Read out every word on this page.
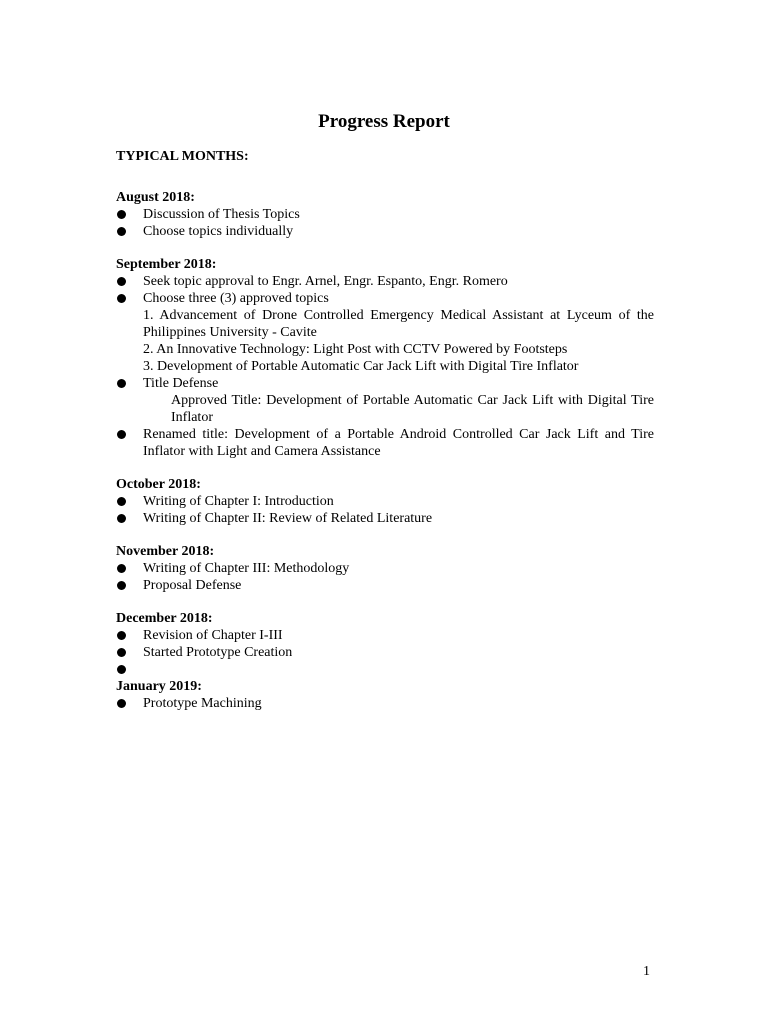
Progress Report
TYPICAL MONTHS:
August 2018:
Discussion of Thesis Topics
Choose topics individually
September 2018:
Seek topic approval to Engr. Arnel, Engr. Espanto, Engr. Romero
Choose three (3) approved topics
1. Advancement of Drone Controlled Emergency Medical Assistant at Lyceum of the Philippines University - Cavite
2. An Innovative Technology: Light Post with CCTV Powered by Footsteps
3. Development of Portable Automatic Car Jack Lift with Digital Tire Inflator
Title Defense
Approved Title: Development of Portable Automatic Car Jack Lift with Digital Tire Inflator
Renamed title: Development of a Portable Android Controlled Car Jack Lift and Tire Inflator with Light and Camera Assistance
October 2018:
Writing of Chapter I: Introduction
Writing of Chapter II: Review of Related Literature
November 2018:
Writing of Chapter III: Methodology
Proposal Defense
December 2018:
Revision of Chapter I-III
Started Prototype Creation
January 2019:
Prototype Machining
1
